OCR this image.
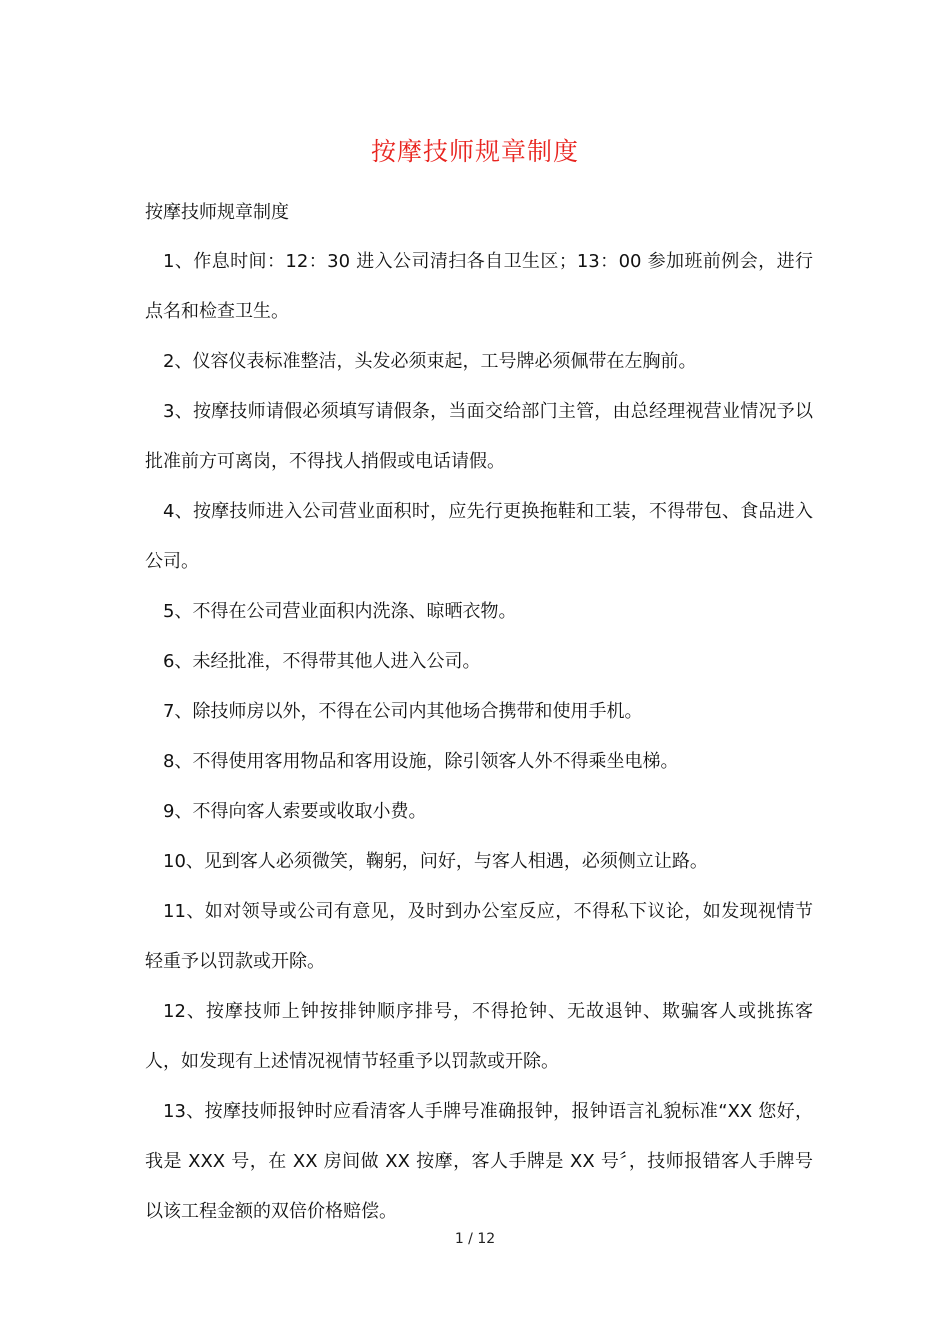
按摩技师规章制度
按摩技师规章制度

1、作息时间：12：30 进入公司清扫各自卫生区；13：00 参加班前例会，进行点名和检查卫生。

2、仪容仪表标准整洁，头发必须束起，工号牌必须佩带在左胸前。

3、按摩技师请假必须填写请假条，当面交给部门主管，由总经理视营业情况予以批准前方可离岗，不得找人捎假或电话请假。

4、按摩技师进入公司营业面积时，应先行更换拖鞋和工装，不得带包、食品进入公司。

5、不得在公司营业面积内洗涤、晾晒衣物。

6、未经批准，不得带其他人进入公司。

7、除技师房以外，不得在公司内其他场合携带和使用手机。

8、不得使用客用物品和客用设施，除引领客人外不得乘坐电梯。

9、不得向客人索要或收取小费。

10、见到客人必须微笑，鞠躬，问好，与客人相遇，必须侧立让路。

11、如对领导或公司有意见，及时到办公室反应，不得私下议论，如发现视情节轻重予以罚款或开除。

12、按摩技师上钟按排钟顺序排号，不得抢钟、无故退钟、欺骗客人或挑拣客人，如发现有上述情况视情节轻重予以罚款或开除。

13、按摩技师报钟时应看清客人手牌号准确报钟，报钟语言礼貌标准“XX 您好，我是 XXX 号，在 XX 房间做 XX 按摩，客人手牌是 XX 号〞，技师报错客人手牌号以该工程金额的双倍价格赔偿。

1 / 12
